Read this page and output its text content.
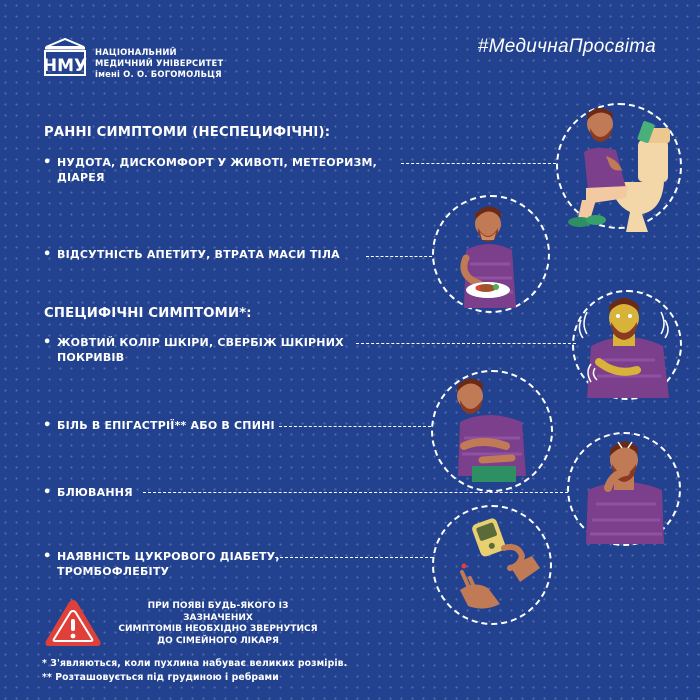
НМУ
НАЦІОНАЛЬНИЙ
МЕДИЧНИЙ УНІВЕРСИТЕТ
імені О. О. БОГОМОЛЬЦЯ
#МедичнаПросвіта
РАННІ СИМПТОМИ (НЕСПЕЦИФІЧНІ):
• НУДОТА, ДИСКОМФОРТ У ЖИВОТІ, МЕТЕОРИЗМ,
ДІАРЕЯ
• ВІДСУТНІСТЬ АПЕТИТУ, ВТРАТА МАСИ ТІЛА
СПЕЦИФІЧНІ СИМПТОМИ*:
• ЖОВТИЙ КОЛІР ШКІРИ, СВЕРБІЖ ШКІРНИХ
ПОКРИВІВ
• БІЛЬ В ЕПІГАСТРІЇ** АБО В СПИНІ
• БЛЮВАННЯ
• НАЯВНІСТЬ ЦУКРОВОГО ДІАБЕТУ,
ТРОМБОФЛЕБІТУ
ПРИ ПОЯВІ БУДЬ-ЯКОГО ІЗ ЗАЗНАЧЕНИХ
СИМПТОМІВ НЕОБХІДНО ЗВЕРНУТИСЯ
ДО СІМЕЙНОГО ЛІКАРЯ
* З'являються, коли пухлина набуває великих розмірів.
** Розташовується під грудиною і ребрами
